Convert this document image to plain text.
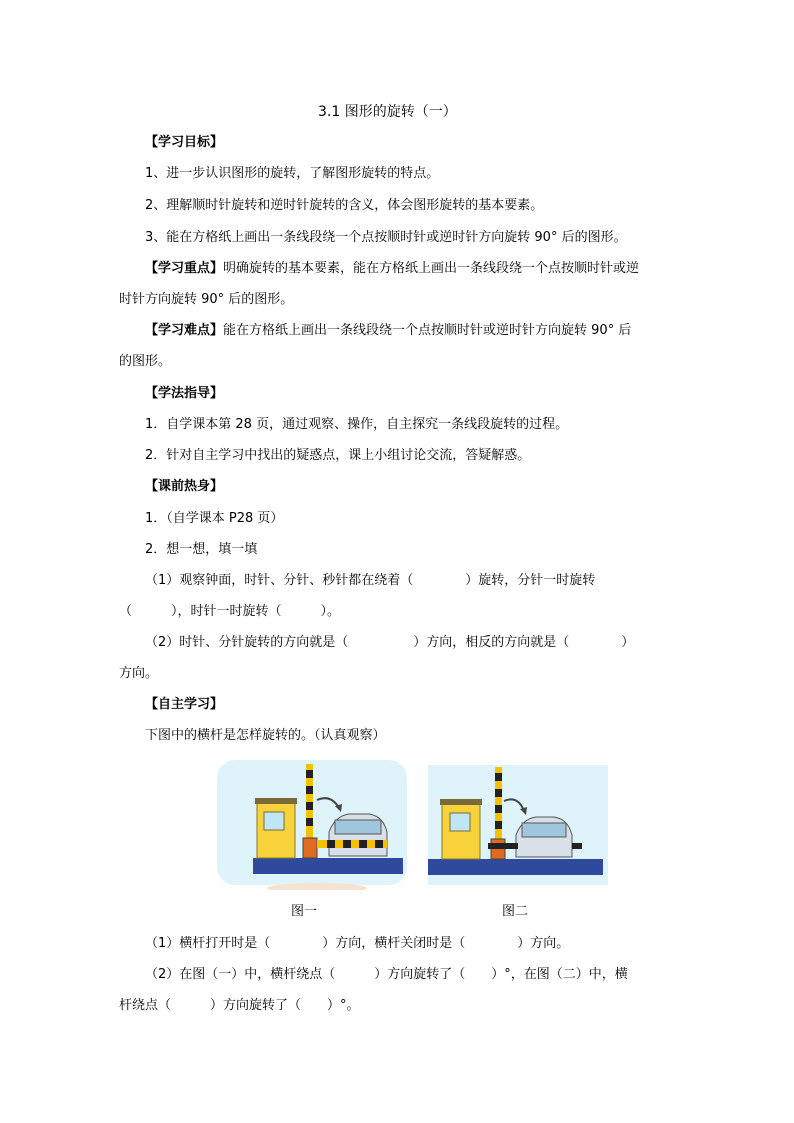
3.1 图形的旋转（一）
【学习目标】
1、进一步认识图形的旋转，了解图形旋转的特点。
2、理解顺时针旋转和逆时针旋转的含义，体会图形旋转的基本要素。
3、能在方格纸上画出一条线段绕一个点按顺时针或逆时针方向旋转 90° 后的图形。
【学习重点】明确旋转的基本要素，能在方格纸上画出一条线段绕一个点按顺时针或逆
时针方向旋转 90° 后的图形。
【学习难点】能在方格纸上画出一条线段绕一个点按顺时针或逆时针方向旋转 90° 后
的图形。
【学法指导】
1．自学课本第 28 页，通过观察、操作，自主探究一条线段旋转的过程。
2．针对自主学习中找出的疑惑点，课上小组讨论交流，答疑解惑。
【课前热身】
1．（自学课本 P28 页）
2．想一想，填一填
（1）观察钟面，时针、分针、秒针都在绕着（　　　　）旋转，分针一时旋转
（　　　），时针一时旋转（　　　）。
（2）时针、分针旋转的方向就是（　　　　　）方向，相反的方向就是（　　　　）
方向。
【自主学习】
下图中的横杆是怎样旋转的。（认真观察）
图一	图二
（1）横杆打开时是（　　　　）方向，横杆关闭时是（　　　　）方向。
（2）在图（一）中，横杆绕点（　　　）方向旋转了（　　）°，在图（二）中，横
杆绕点（　　　）方向旋转了（　　）°。
